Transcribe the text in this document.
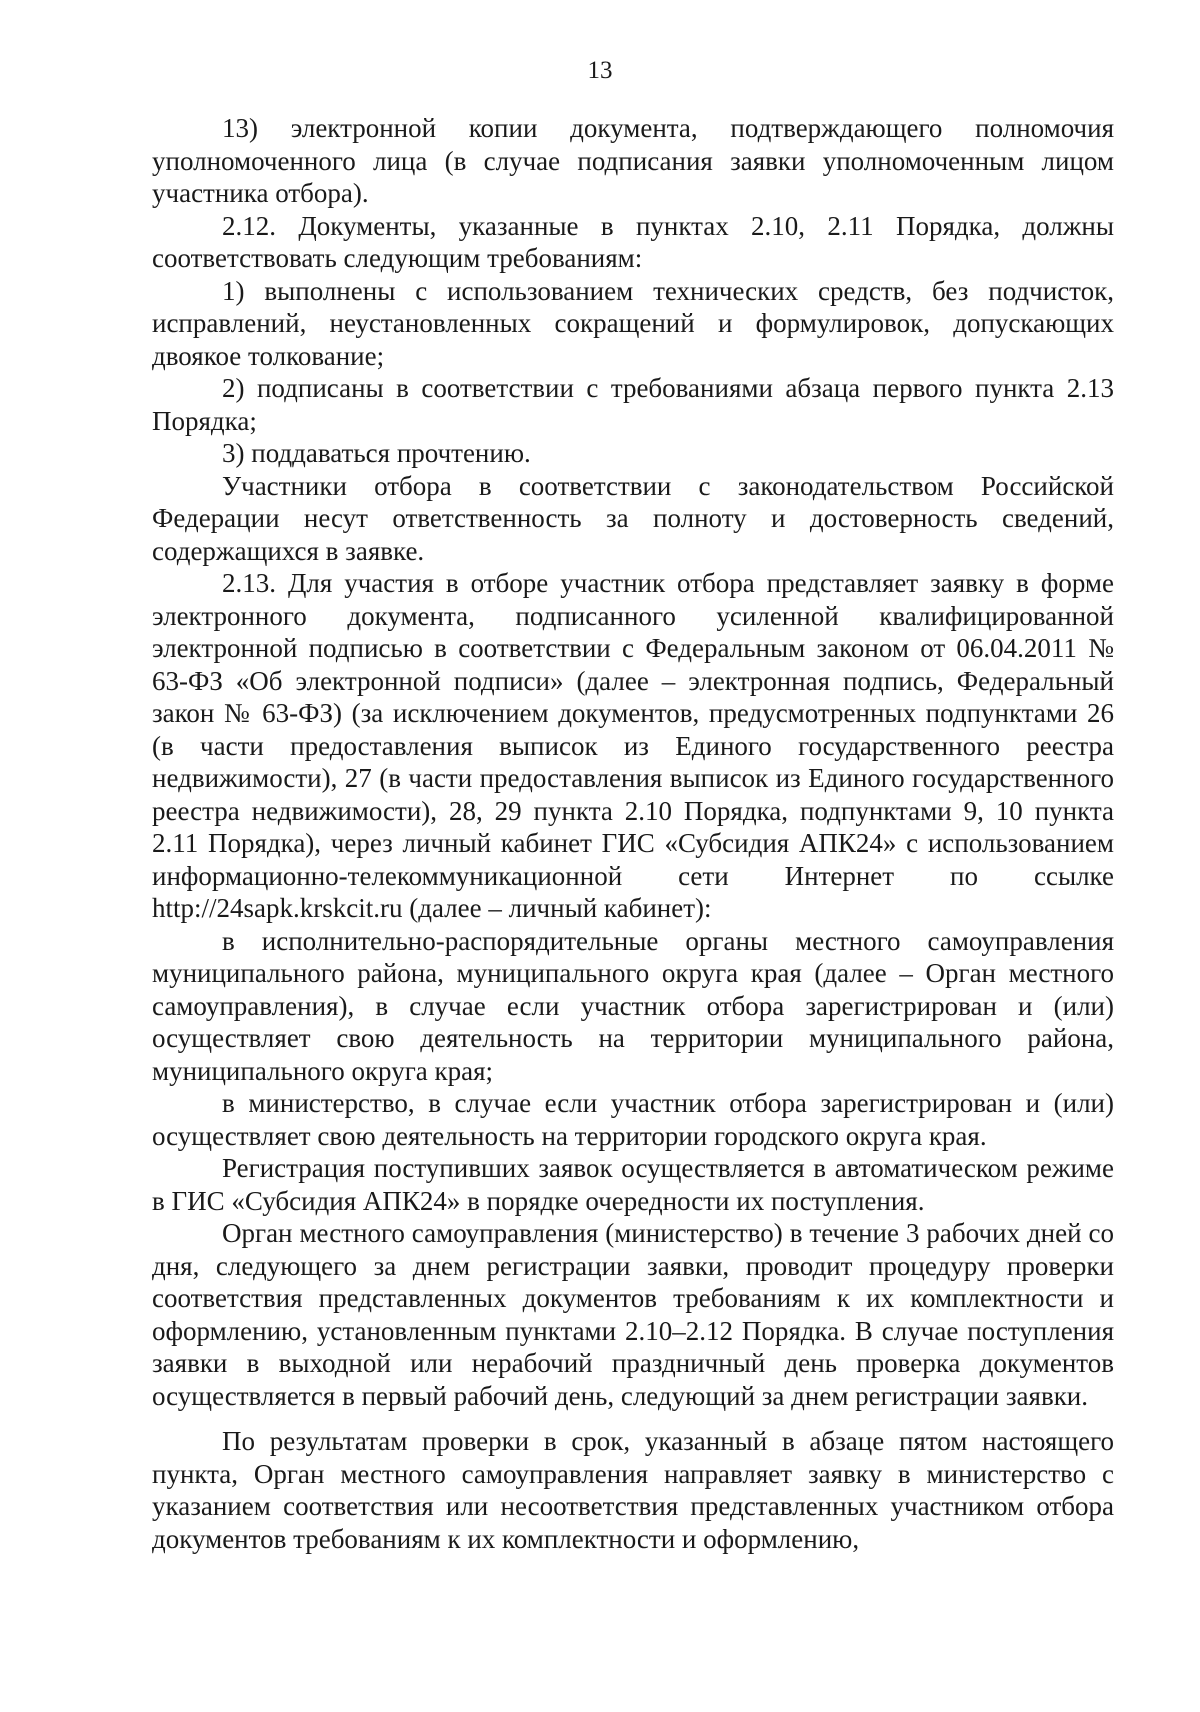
13

13) электронной копии документа, подтверждающего полномочия уполномоченного лица (в случае подписания заявки уполномоченным лицом участника отбора).

2.12. Документы, указанные в пунктах 2.10, 2.11 Порядка, должны соответствовать следующим требованиям:

1) выполнены с использованием технических средств, без подчисток, исправлений, неустановленных сокращений и формулировок, допускающих двоякое толкование;

2) подписаны в соответствии с требованиями абзаца первого пункта 2.13 Порядка;

3) поддаваться прочтению.

Участники отбора в соответствии с законодательством Российской Федерации несут ответственность за полноту и достоверность сведений, содержащихся в заявке.

2.13. Для участия в отборе участник отбора представляет заявку в форме электронного документа, подписанного усиленной квалифицированной электронной подписью в соответствии с Федеральным законом от 06.04.2011 № 63-ФЗ «Об электронной подписи» (далее – электронная подпись, Федеральный закон № 63-ФЗ) (за исключением документов, предусмотренных подпунктами 26 (в части предоставления выписок из Единого государственного реестра недвижимости), 27 (в части предоставления выписок из Единого государственного реестра недвижимости), 28, 29 пункта 2.10 Порядка, подпунктами 9, 10 пункта 2.11 Порядка), через личный кабинет ГИС «Субсидия АПК24» с использованием информационно-телекоммуникационной сети Интернет по ссылке http://24sapk.krskcit.ru (далее – личный кабинет):

в исполнительно-распорядительные органы местного самоуправления муниципального района, муниципального округа края (далее – Орган местного самоуправления), в случае если участник отбора зарегистрирован и (или) осуществляет свою деятельность на территории муниципального района, муниципального округа края;

в министерство, в случае если участник отбора зарегистрирован и (или) осуществляет свою деятельность на территории городского округа края.

Регистрация поступивших заявок осуществляется в автоматическом режиме в ГИС «Субсидия АПК24» в порядке очередности их поступления.

Орган местного самоуправления (министерство) в течение 3 рабочих дней со дня, следующего за днем регистрации заявки, проводит процедуру проверки соответствия представленных документов требованиям к их комплектности и оформлению, установленным пунктами 2.10–2.12 Порядка. В случае поступления заявки в выходной или нерабочий праздничный день проверка документов осуществляется в первый рабочий день, следующий за днем регистрации заявки.

По результатам проверки в срок, указанный в абзаце пятом настоящего пункта, Орган местного самоуправления направляет заявку в министерство с указанием соответствия или несоответствия представленных участником отбора документов требованиям к их комплектности и оформлению,
